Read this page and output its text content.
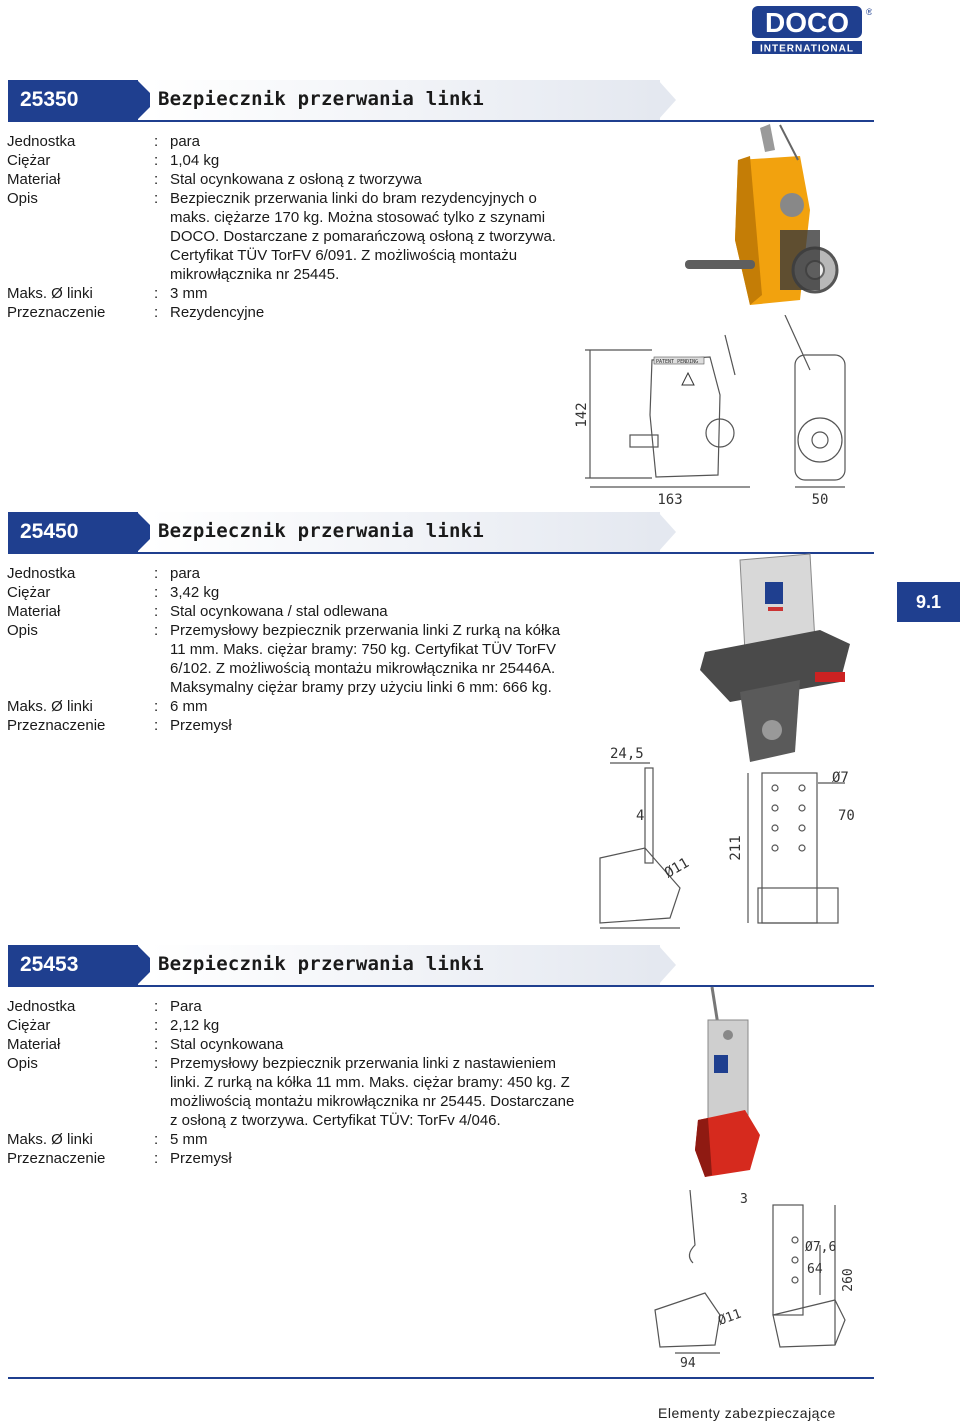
DOCO ®
INTERNATIONAL
25350	Bezpiecznik przerwania linki
Jednostka	: para
Ciężar	: 1,04 kg
Materiał	: Stal ocynkowana z osłoną z tworzywa
Opis	: Bezpiecznik przerwania linki do bram rezydencyjnych o maks. ciężarze 170 kg. Można stosować tylko z szynami DOCO. Dostarczane z pomarańczową osłoną z tworzywa. Certyfikat TÜV TorFV 6/091. Z możliwością montażu mikrowłącznika nr 25445.
Maks. Ø linki	: 3 mm
Przeznaczenie	: Rezydencyjne
PATENT PENDING
142
163	50
25450	Bezpiecznik przerwania linki
Jednostka	: para
Ciężar	: 3,42 kg
Materiał	: Stal ocynkowana / stal odlewana
Opis	: Przemysłowy bezpiecznik przerwania linki Z rurką na kółka 11 mm. Maks. ciężar bramy: 750 kg. Certyfikat TÜV TorFV 6/102. Z możliwością montażu mikrowłącznika nr 25446A. Maksymalny ciężar bramy przy użyciu linki 6 mm: 666 kg.
Maks. Ø linki	: 6 mm
Przeznaczenie	: Przemysł
9.1
24,5
4
Ø11
211
Ø7
70
25453	Bezpiecznik przerwania linki
Jednostka	: Para
Ciężar	: 2,12 kg
Materiał	: Stal ocynkowana
Opis	: Przemysłowy bezpiecznik przerwania linki z nastawieniem linki. Z rurką na kółka 11 mm. Maks. ciężar bramy: 450 kg. Z możliwością montażu mikrowłącznika nr 25445. Dostarczane z osłoną z tworzywa. Certyfikat TÜV: TorFv 4/046.
Maks. Ø linki	: 5 mm
Przeznaczenie	: Przemysł
3
Ø7,6
64 260
Ø11
94
Elementy zabezpieczające
